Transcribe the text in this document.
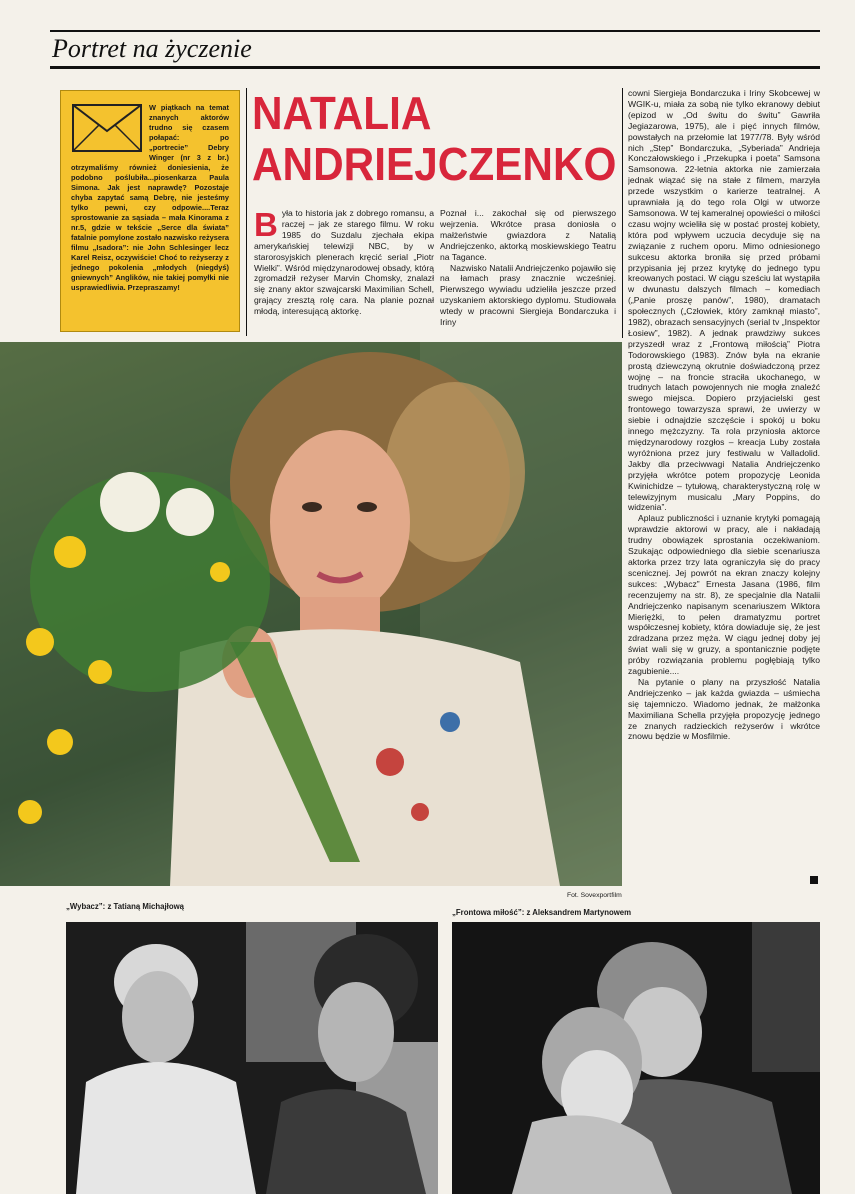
Portret na życzenie
W piątkach na temat znanych aktorów trudno się czasem połapać: po „portrecie” Debry Winger (nr 3 z br.) otrzymaliśmy również doniesienia, że podobno poślubiła...piosenkarza Paula Simona. Jak jest naprawdę? Pozostaje chyba zapytać samą Debrę, nie jesteśmy tylko pewni, czy odpowie....Teraz sprostowanie za sąsiada – mała Kinorama z nr.5, gdzie w tekście „Serce dla świata” fatalnie pomylone zostało nazwisko reżysera filmu „Isadora”: nie John Schlesinger lecz Karel Reisz, oczywiście! Choć to reżyserzy z jednego pokolenia „młodych (niegdyś) gniewnych” Anglików, nie takiej pomyłki nie usprawiedliwia. Przepraszamy!
NATALIA
ANDRIEJCZENKO
B yła to historia jak z dobrego romansu, a raczej – jak ze starego filmu. W roku 1985 do Suzdalu zjechała ekipa amerykańskiej telewizji NBC, by w starorosyjskich plenerach kręcić serial „Piotr Wielki”. Wśród międzynarodowej obsady, którą zgromadził reżyser Marvin Chomsky, znalazł się znany aktor szwajcarski Maximilian Schell, grający zresztą rolę cara. Na planie poznał młodą, interesującą aktorkę.

Poznał i... zakochał się od pierwszego wejrzenia. Wkrótce prasa doniosła o małżeństwie gwiazdora z Natalią Andriejczenko, aktorką moskiewskiego Teatru na Tagance.

Nazwisko Natalii Andriejczenko pojawiło się na łamach prasy znacznie wcześniej. Pierwszego wywiadu udzieliła jeszcze przed uzyskaniem aktorskiego dyplomu. Studiowała wtedy w pracowni Siergieja Bondarczuka i Iriny

cowni Siergieja Bondarczuka i Iriny Skobcewej w WGIK-u, miała za sobą nie tylko ekranowy debiut (epizod w „Od świtu do świtu” Gawriła Jegiazarowa, 1975), ale i pięć innych filmów, powstałych na przełomie lat 1977/78. Były wśród nich „Step” Bondarczuka, „Syberiada” Andrieja Konczałowskiego i „Przekupka i poeta” Samsona Samsonowa. 22-letnia aktorka nie zamierzała jednak wiązać się na stałe z filmem, marzyła przede wszystkim o karierze teatralnej. A uprawniała ją do tego rola Olgi w utworze Samsonowa. W tej kameralnej opowieści o miłości czasu wojny wcieliła się w postać prostej kobiety, która pod wpływem uczucia decyduje się na związanie z ruchem oporu. Mimo odniesionego sukcesu aktorka broniła się przed próbami przypisania jej przez krytykę do jednego typu kreowanych postaci. W ciągu sześciu lat wystąpiła w dwunastu dalszych filmach – komediach („Panie proszę panów”, 1980), dramatach społecznych („Człowiek, który zamknął miasto”, 1982), obrazach sensacyjnych (serial tv „Inspektor Łosiew”, 1982). A jednak prawdziwy sukces przyszedł wraz z „Frontową miłością” Piotra Todorowskiego (1983). Znów była na ekranie prostą dziewczyną okrutnie doświadczoną przez wojnę – na froncie straciła ukochanego, w trudnych latach powojennych nie mogła znaleźć swego miejsca. Dopiero przyjacielski gest frontowego towarzysza sprawi, że uwierzy w siebie i odnajdzie szczęście i spokój u boku innego mężczyzny. Ta rola przyniosła aktorce międzynarodowy rozgłos – kreacja Luby została wyróżniona przez jury festiwalu w Valladolid. Jakby dla przeciwwagi Natalia Andriejczenko przyjęła wkrótce potem propozycję Leonida Kwinichidze – tytułową, charakterystyczną rolę w telewizyjnym musicalu „Mary Poppins, do widzenia”.

Aplauz publiczności i uznanie krytyki pomagają wprawdzie aktorowi w pracy, ale i nakładają trudny obowiązek sprostania oczekiwaniom. Szukając odpowiedniego dla siebie scenariusza aktorka przez trzy lata ograniczyła się do pracy scenicznej. Jej powrót na ekran znaczy kolejny sukces: „Wybacz” Ernesta Jasana (1986, film recenzujemy na str. 8), ze specjalnie dla Natalii Andriejczenko napisanym scenariuszem Wiktora Mieriężki, to pełen dramatyzmu portret współczesnej kobiety, która dowiaduje się, że jest zdradzana przez męża. W ciągu jednej doby jej świat wali się w gruzy, a spontanicznie podjęte próby rozwiązania problemu pogłębiają tylko zagubienie....

Na pytanie o plany na przyszłość Natalia Andriejczenko – jak każda gwiazda – uśmiecha się tajemniczo. Wiadomo jednak, że małżonka Maximiliana Schella przyjęła propozycję jednego ze znanych radzieckich reżyserów i wkrótce znowu będzie w Mosfilmie.

Fot. Sovexportfilm
„Wybacz”: z Tatianą Michajłową
„Frontowa miłość”: z Aleksandrem Martynowem
